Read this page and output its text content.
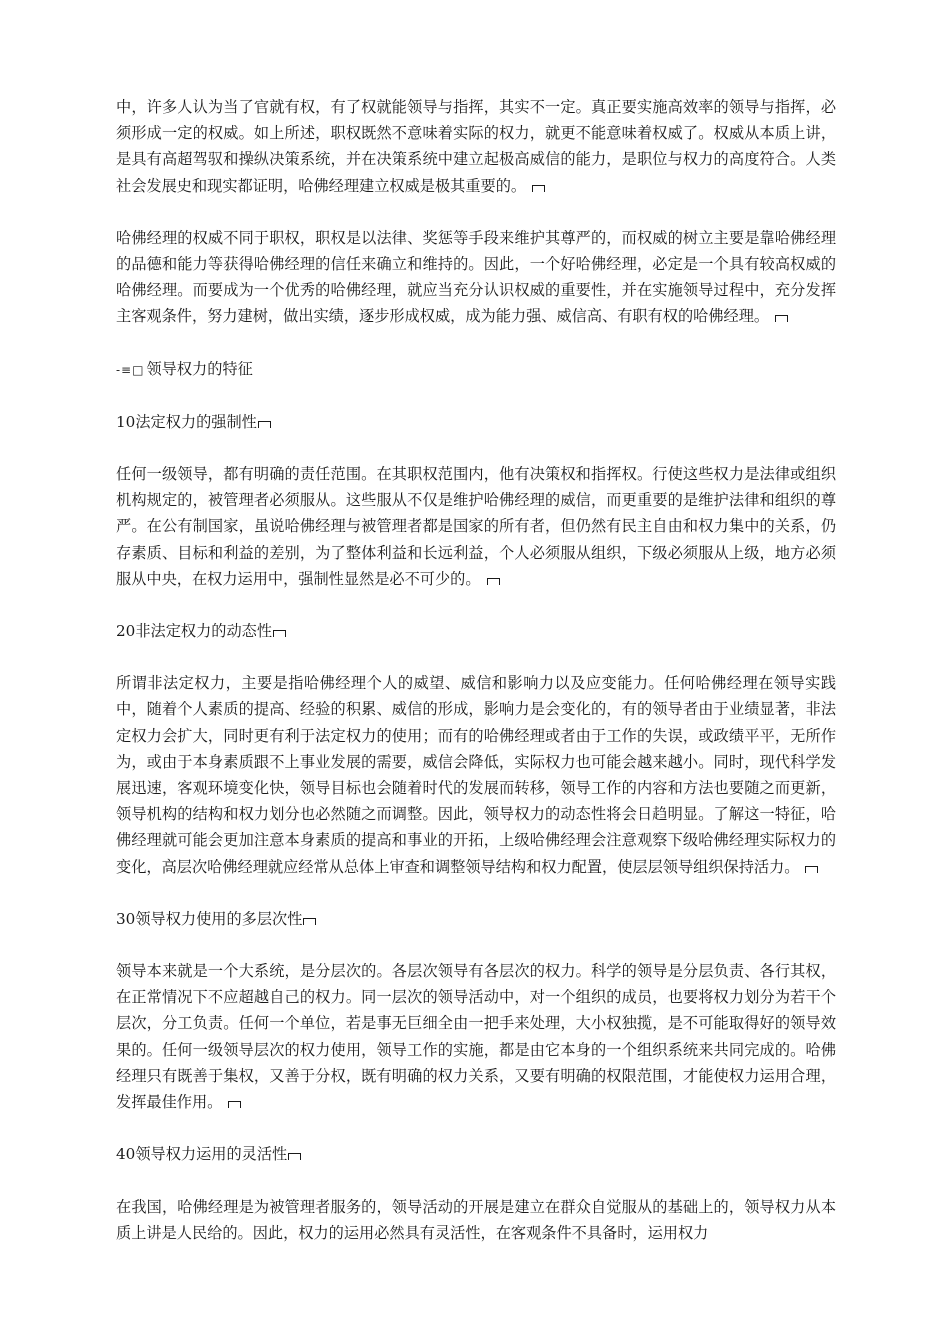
中，许多人认为当了官就有权，有了权就能领导与指挥，其实不一定。真正要实施高效率的领导与指挥，必须形成一定的权威。如上所述，职权既然不意味着实际的权力，就更不能意味着权威了。权威从本质上讲，是具有高超驾驭和操纵决策系统，并在决策系统中建立起极高威信的能力，是职位与权力的高度符合。人类社会发展史和现实都证明，哈佛经理建立权威是极其重要的。

哈佛经理的权威不同于职权，职权是以法律、奖惩等手段来维护其尊严的，而权威的树立主要是靠哈佛经理的品德和能力等获得哈佛经理的信任来确立和维持的。因此，一个好哈佛经理，必定是一个具有较高权威的哈佛经理。而要成为一个优秀的哈佛经理，就应当充分认识权威的重要性，并在实施领导过程中，充分发挥主客观条件，努力建树，做出实绩，逐步形成权威，成为能力强、威信高、有职有权的哈佛经理。

-≡□ 领导权力的特征

10法定权力的强制性

任何一级领导，都有明确的责任范围。在其职权范围内，他有决策权和指挥权。行使这些权力是法律或组织机构规定的，被管理者必须服从。这些服从不仅是维护哈佛经理的威信，而更重要的是维护法律和组织的尊严。在公有制国家，虽说哈佛经理与被管理者都是国家的所有者，但仍然有民主自由和权力集中的关系，仍存素质、目标和利益的差别，为了整体利益和长远利益，个人必须服从组织，下级必须服从上级，地方必须服从中央，在权力运用中，强制性显然是必不可少的。

20非法定权力的动态性

所谓非法定权力，主要是指哈佛经理个人的威望、威信和影响力以及应变能力。任何哈佛经理在领导实践中，随着个人素质的提高、经验的积累、威信的形成，影响力是会变化的，有的领导者由于业绩显著，非法定权力会扩大，同时更有利于法定权力的使用；而有的哈佛经理或者由于工作的失误，或政绩平平，无所作为，或由于本身素质跟不上事业发展的需要，威信会降低，实际权力也可能会越来越小。同时，现代科学发展迅速，客观环境变化快，领导目标也会随着时代的发展而转移，领导工作的内容和方法也要随之而更新，领导机构的结构和权力划分也必然随之而调整。因此，领导权力的动态性将会日趋明显。了解这一特征，哈佛经理就可能会更加注意本身素质的提高和事业的开拓，上级哈佛经理会注意观察下级哈佛经理实际权力的变化，高层次哈佛经理就应经常从总体上审查和调整领导结构和权力配置，使层层领导组织保持活力。

30领导权力使用的多层次性

领导本来就是一个大系统，是分层次的。各层次领导有各层次的权力。科学的领导是分层负责、各行其权，在正常情况下不应超越自己的权力。同一层次的领导活动中，对一个组织的成员，也要将权力划分为若干个层次，分工负责。任何一个单位，若是事无巨细全由一把手来处理，大小权独揽，是不可能取得好的领导效果的。任何一级领导层次的权力使用，领导工作的实施，都是由它本身的一个组织系统来共同完成的。哈佛经理只有既善于集权，又善于分权，既有明确的权力关系，又要有明确的权限范围，才能使权力运用合理，发挥最佳作用。

40领导权力运用的灵活性

在我国，哈佛经理是为被管理者服务的，领导活动的开展是建立在群众自觉服从的基础上的，领导权力从本质上讲是人民给的。因此，权力的运用必然具有灵活性，在客观条件不具备时，运用权力
